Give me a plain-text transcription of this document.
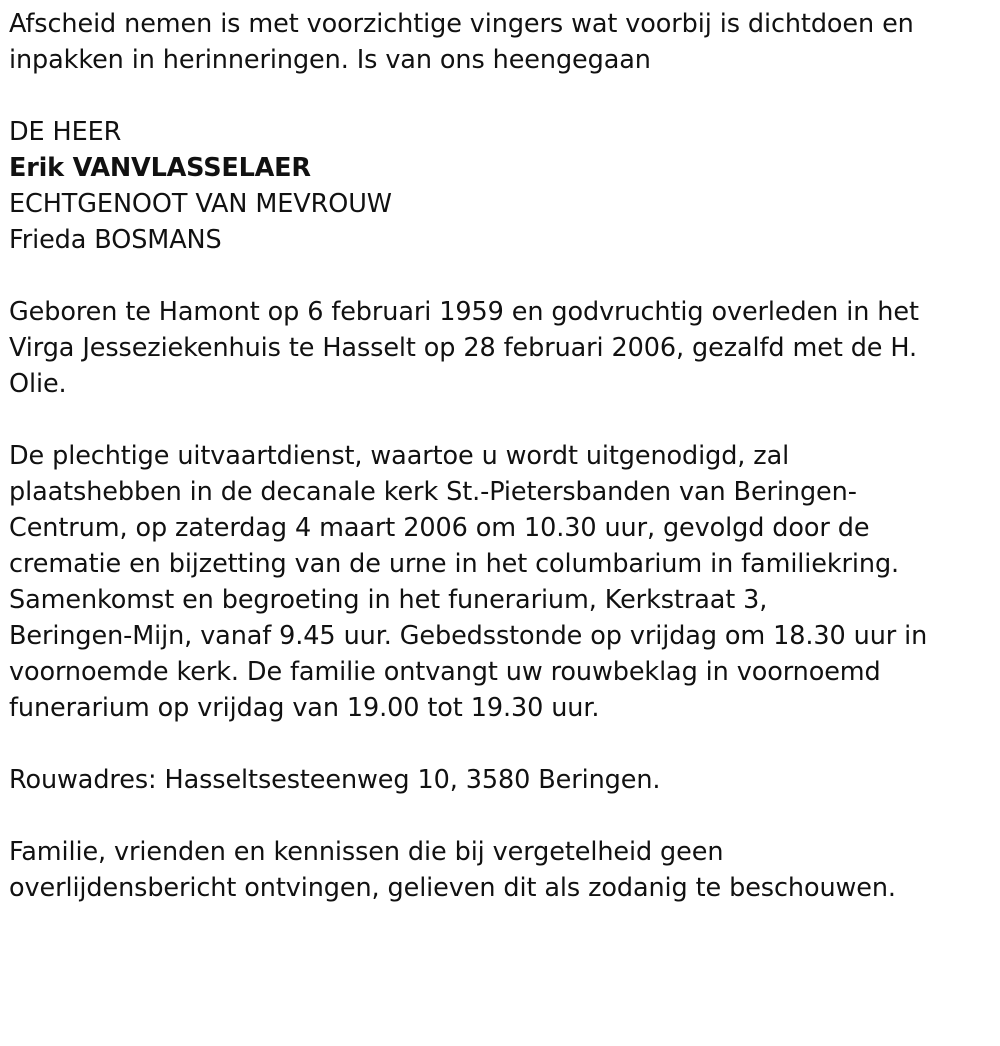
Afscheid nemen is met voorzichtige vingers wat voorbij is dichtdoen en
inpakken in herinneringen. Is van ons heengegaan
DE HEER
Erik VANVLASSELAER
ECHTGENOOT VAN MEVROUW
Frieda BOSMANS
Geboren te Hamont op 6 februari 1959 en godvruchtig overleden in het
Virga Jesseziekenhuis te Hasselt op 28 februari 2006, gezalfd met de H.
Olie.
De plechtige uitvaartdienst, waartoe u wordt uitgenodigd, zal
plaatshebben in de decanale kerk St.-Pietersbanden van Beringen-
Centrum, op zaterdag 4 maart 2006 om 10.30 uur, gevolgd door de
crematie en bijzetting van de urne in het columbarium in familiekring.
Samenkomst en begroeting in het funerarium, Kerkstraat 3,
Beringen-Mijn, vanaf 9.45 uur. Gebedsstonde op vrijdag om 18.30 uur in
voornoemde kerk. De familie ontvangt uw rouwbeklag in voornoemd
funerarium op vrijdag van 19.00 tot 19.30 uur.
Rouwadres: Hasseltsesteenweg 10, 3580 Beringen.
Familie, vrienden en kennissen die bij vergetelheid geen
overlijdensbericht ontvingen, gelieven dit als zodanig te beschouwen.
